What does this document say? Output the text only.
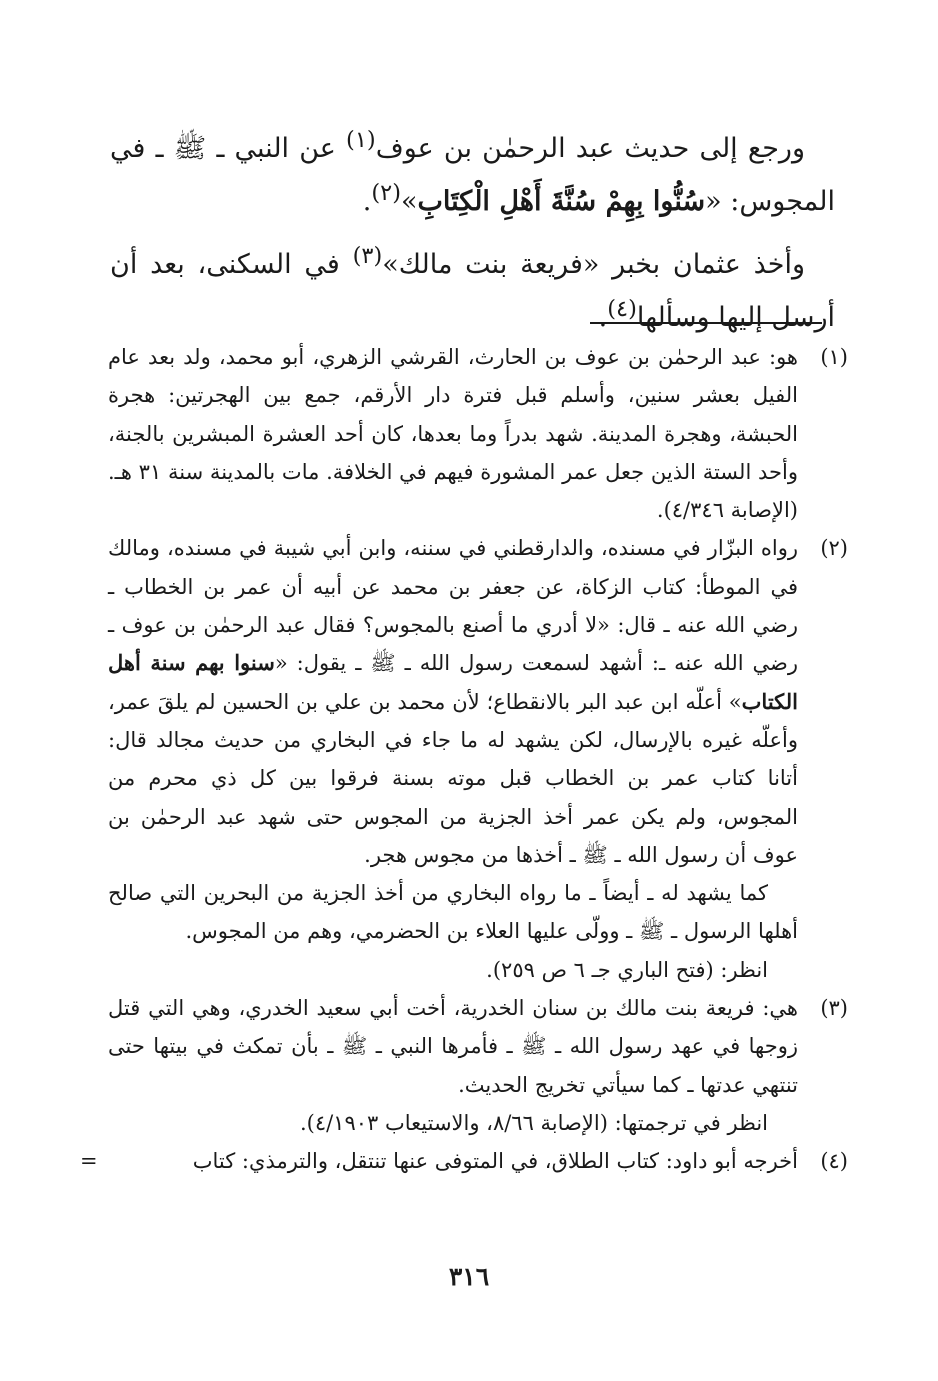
ورجع إلى حديث عبد الرحمٰن بن عوف$^{(١)}$ عن النبي ـ ﷺ ـ في المجوس: «سُنُّوا بِهِمْ سُنَّةَ أَهْلِ الْكِتَابِ»$^{(٢)}$.

وأخذ عثمان بخبر «فريعة بنت مالك»$^{(٣)}$ في السكنى، بعد أن أرسل إليها وسألها$^{(٤)}$.

(١)

هو: عبد الرحمٰن بن عوف بن الحارث، القرشي الزهري، أبو محمد، ولد بعد عام الفيل بعشر سنين، وأسلم قبل فترة دار الأرقم، جمع بين الهجرتين: هجرة الحبشة، وهجرة المدينة. شهد بدراً وما بعدها، كان أحد العشرة المبشرين بالجنة، وأحد الستة الذين جعل عمر المشورة فيهم في الخلافة. مات بالمدينة سنة ٣١ هـ. (الإصابة ٤/٣٤٦).

(٢)

رواه البزّار في مسنده، والدارقطني في سننه، وابن أبي شيبة في مسنده، ومالك في الموطأ: كتاب الزكاة، عن جعفر بن محمد عن أبيه أن عمر بن الخطاب ـ رضي الله عنه ـ قال: «لا أدري ما أصنع بالمجوس؟ فقال عبد الرحمٰن بن عوف ـ رضي الله عنه ـ: أشهد لسمعت رسول الله ـ ﷺ ـ يقول: «سنوا بهم سنة أهل الكتاب» أعلّه ابن عبد البر بالانقطاع؛ لأن محمد بن علي بن الحسين لم يلقَ عمر، وأعلّه غيره بالإرسال، لكن يشهد له ما جاء في البخاري من حديث مجالد قال: أتانا كتاب عمر بن الخطاب قبل موته بسنة فرقوا بين كل ذي محرم من المجوس، ولم يكن عمر أخذ الجزية من المجوس حتى شهد عبد الرحمٰن بن عوف أن رسول الله ـ ﷺ ـ أخذها من مجوس هجر.

كما يشهد له ـ أيضاً ـ ما رواه البخاري من أخذ الجزية من البحرين التي صالح أهلها الرسول ـ ﷺ ـ وولّى عليها العلاء بن الحضرمي، وهم من المجوس.

انظر: (فتح الباري جـ ٦ ص ٢٥٩).

(٣)

هي: فريعة بنت مالك بن سنان الخدرية، أخت أبي سعيد الخدري، وهي التي قتل زوجها في عهد رسول الله ـ ﷺ ـ فأمرها النبي ـ ﷺ ـ بأن تمكث في بيتها حتى تنتهي عدتها ـ كما سيأتي تخريج الحديث.

انظر في ترجمتها: (الإصابة ٨/٦٦، والاستيعاب ٤/١٩٠٣).

(٤)

أخرجه أبو داود: كتاب الطلاق، في المتوفى عنها تنتقل، والترمذي: كتاب

=
٣١٦
